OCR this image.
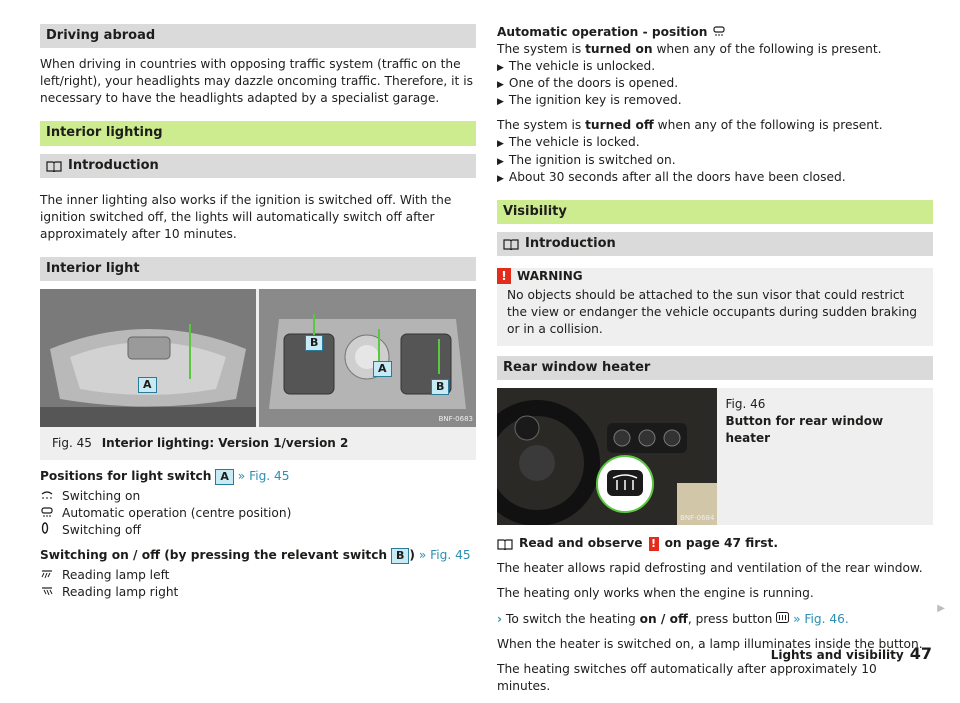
Driving abroad

When driving in countries with opposing traffic system (traffic on the left/right), your headlights may dazzle oncoming traffic. Therefore, it is necessary to have the headlights adapted by a specialist garage.

Interior lighting
Introduction

The inner lighting also works if the ignition is switched off. With the ignition switched off, the lights will automatically switch off after approximately after 10 minutes.

Interior light
A
B
A
B
BNF-0683
Fig. 45 Interior lighting: Version 1/version 2

Positions for light switch A » Fig. 45

Switching on
Automatic operation (centre position)
Switching off

Switching on / off (by pressing the relevant switch B ) » Fig. 45

Reading lamp left
Reading lamp right
Automatic operation - position
The system is turned on when any of the following is present.
▶ The vehicle is unlocked.
▶ One of the doors is opened.
▶ The ignition key is removed.
The system is turned off when any of the following is present.
▶ The vehicle is locked.
▶ The ignition is switched on.
▶ About 30 seconds after all the doors have been closed.
Visibility
Introduction
! WARNING
No objects should be attached to the sun visor that could restrict the view or endanger the vehicle occupants during sudden braking or in a collision.
Rear window heater
BNF-0684
Fig. 46
Button for rear window heater

Read and observe ! on page 47 first.

The heater allows rapid defrosting and ventilation of the rear window.

The heating only works when the engine is running.

› To switch the heating on / off, press button » Fig. 46.

When the heater is switched on, a lamp illuminates inside the button.

The heating switches off automatically after approximately 10 minutes.

▶
Lights and visibility 47
